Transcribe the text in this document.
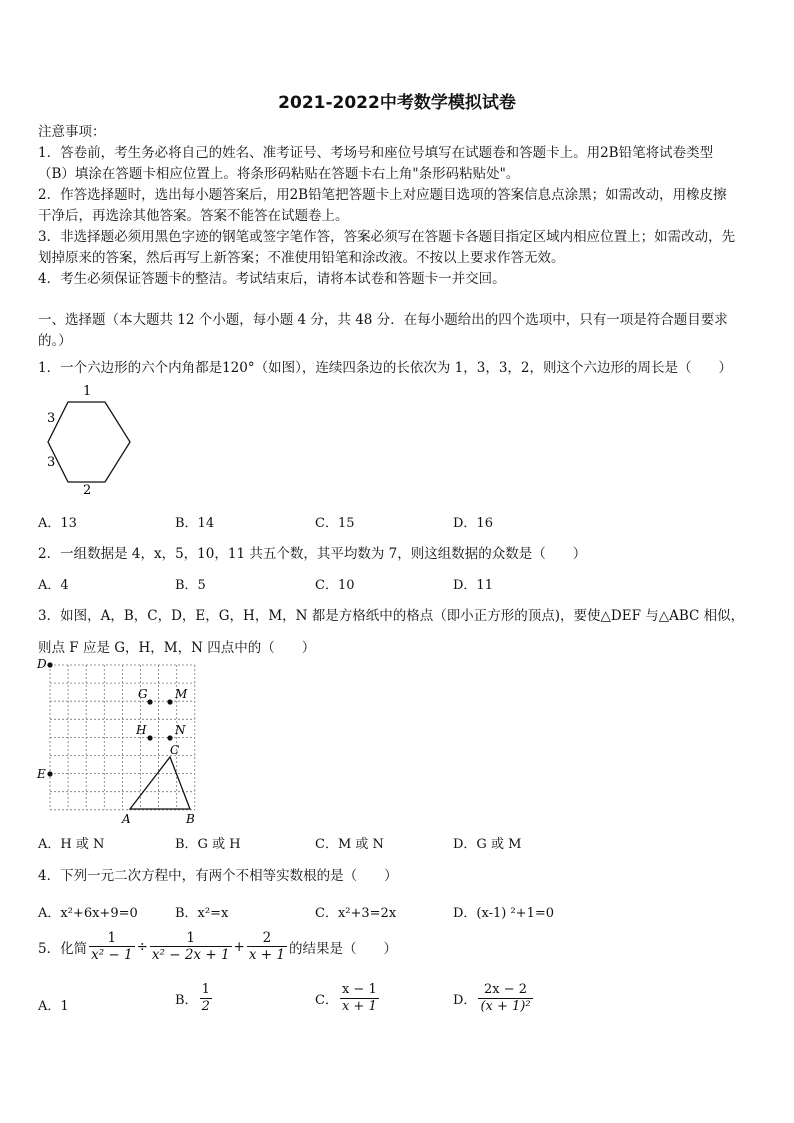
2021-2022中考数学模拟试卷
注意事项：
1．答卷前，考生务必将自己的姓名、准考证号、考场号和座位号填写在试题卷和答题卡上。用2B铅笔将试卷类型
（B）填涂在答题卡相应位置上。将条形码粘贴在答题卡右上角"条形码粘贴处"。
2．作答选择题时，选出每小题答案后，用2B铅笔把答题卡上对应题目选项的答案信息点涂黑；如需改动，用橡皮擦
干净后，再选涂其他答案。答案不能答在试题卷上。
3．非选择题必须用黑色字迹的钢笔或签字笔作答，答案必须写在答题卡各题目指定区域内相应位置上；如需改动，先
划掉原来的答案，然后再写上新答案；不准使用铅笔和涂改液。不按以上要求作答无效。
4．考生必须保证答题卡的整洁。考试结束后，请将本试卷和答题卡一并交回。
一、选择题（本大题共 12 个小题，每小题 4 分，共 48 分．在每小题给出的四个选项中，只有一项是符合题目要求
的。）
1．一个六边形的六个内角都是120°（如图），连续四条边的长依次为 1，3，3，2，则这个六边形的周长是（　　）
1
3
3
2
A．13	B．14	C．15	D．16
2．一组数据是 4，x，5，10，11 共五个数，其平均数为 7，则这组数据的众数是（　　）
A．4	B．5	C．10	D．11
3．如图，A，B，C，D，E，G，H，M，N 都是方格纸中的格点（即小正方形的顶点)，要使△DEF 与△ABC 相似，
则点 F 应是 G，H，M，N 四点中的（　　）
D
E
G M
H N
C
A	B
A．H 或 N	B．G 或 H	C．M 或 N	D．G 或 M
4．下列一元二次方程中，有两个不相等实数根的是（　　）
A．x²+6x+9=0	B．x²=x	C．x²+3=2x	D．(x-1) ²+1=0
5．化简 $\frac{1}{\text{x² − 1}} \div \frac{1}{\text{x² − 2x + 1}} + \frac{2}{x + 1}$ 的结果是（　　）
A．1	B． $\frac{1}{2}$	C． $\frac{x - 1}{x + 1}$	D． $\frac{2x - 2}{\text{(x + 1)²}}$
